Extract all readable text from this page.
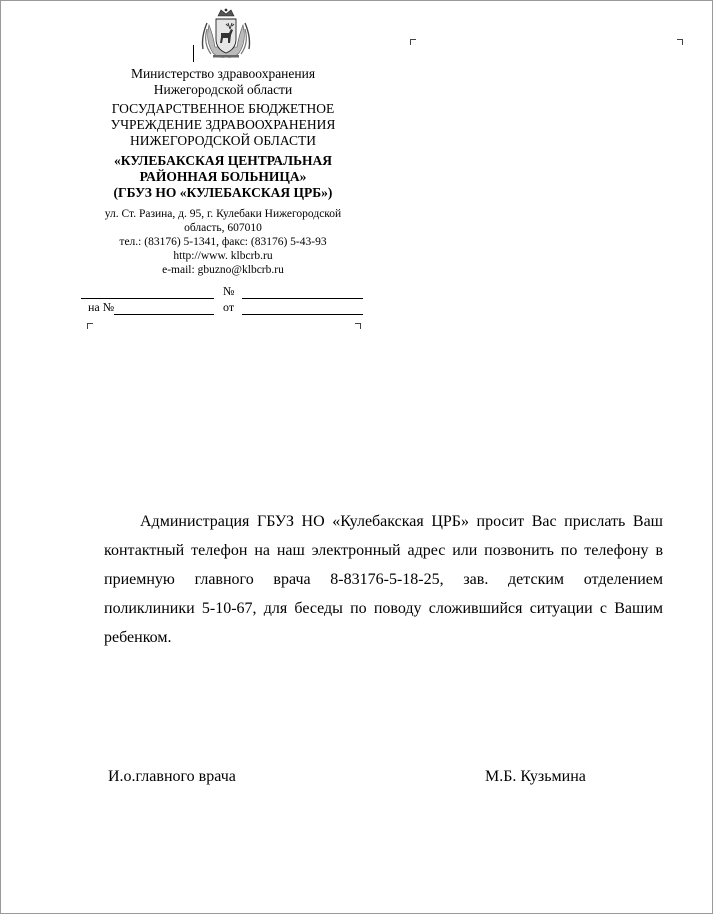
Министерство здравоохранения
Нижегородской области
ГОСУДАРСТВЕННОЕ БЮДЖЕТНОЕ
УЧРЕЖДЕНИЕ ЗДРАВООХРАНЕНИЯ
НИЖЕГОРОДСКОЙ ОБЛАСТИ
«КУЛЕБАКСКАЯ ЦЕНТРАЛЬНАЯ
РАЙОННАЯ БОЛЬНИЦА»
(ГБУЗ НО «КУЛЕБАКСКАЯ ЦРБ»)
ул. Ст. Разина, д. 95, г. Кулебаки Нижегородской
область, 607010
тел.: (83176) 5-1341, факс: (83176) 5-43-93
http://www. klbcrb.ru
e-mail: gbuzno@klbcrb.ru
№
на №	от

Администрация ГБУЗ НО «Кулебакская ЦРБ» просит Вас прислать Ваш контактный телефон на наш электронный адрес или позвонить по телефону в приемную главного врача 8-83176-5-18-25, зав. детским отделением поликлиники 5-10-67, для беседы по поводу сложившийся ситуации с Вашим ребенком.

И.о.главного врача	М.Б. Кузьмина
